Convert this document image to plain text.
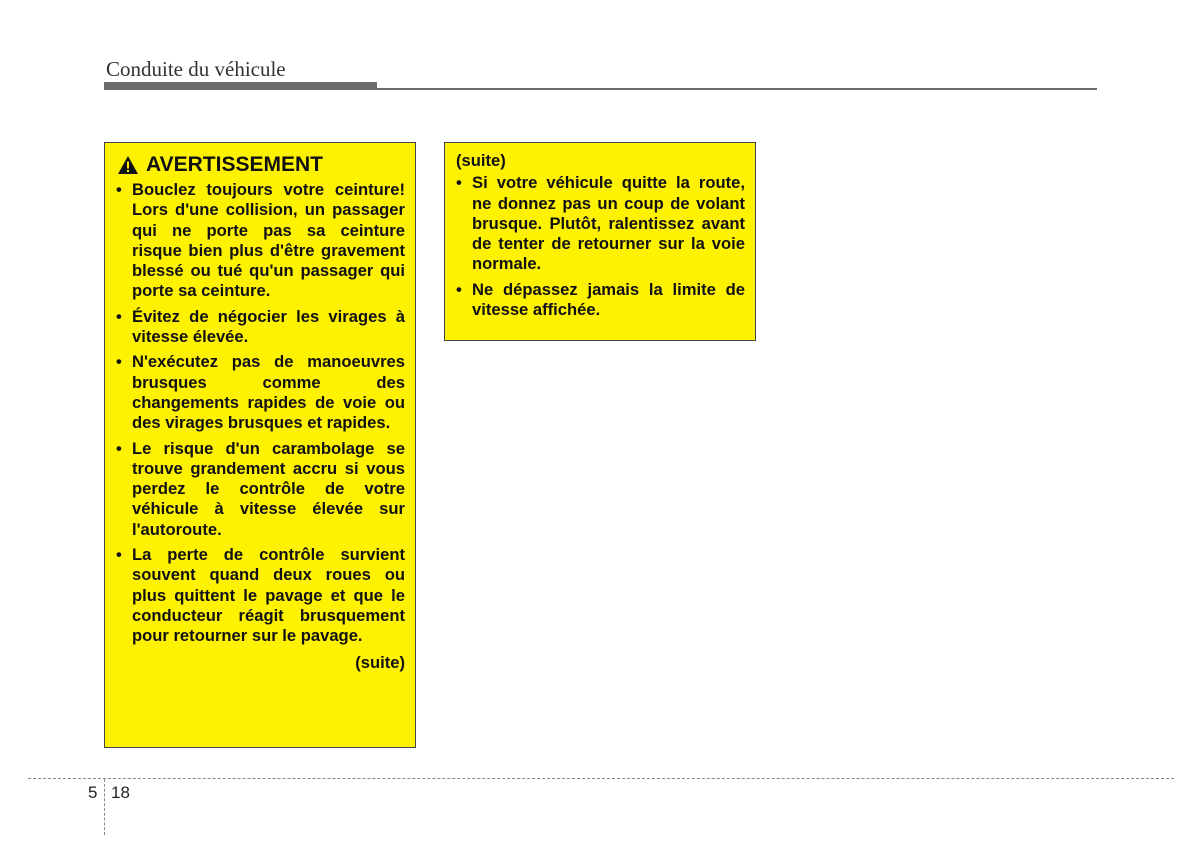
Conduite du véhicule
AVERTISSEMENT
• Bouclez toujours votre ceinture! Lors d'une collision, un passager qui ne porte pas sa ceinture risque bien plus d'être gravement blessé ou tué qu'un passager qui porte sa ceinture.
• Évitez de négocier les virages à vitesse élevée.
• N'exécutez pas de manoeuvres brusques comme des changements rapides de voie ou des virages brusques et rapides.
• Le risque d'un carambolage se trouve grandement accru si vous perdez le contrôle de votre véhicule à vitesse élevée sur l'autoroute.
• La perte de contrôle survient souvent quand deux roues ou plus quittent le pavage et que le conducteur réagit brusquement pour retourner sur le pavage.
(suite)
(suite)
• Si votre véhicule quitte la route, ne donnez pas un coup de volant brusque. Plutôt, ralentissez avant de tenter de retourner sur la voie normale.
• Ne dépassez jamais la limite de vitesse affichée.
5 18
